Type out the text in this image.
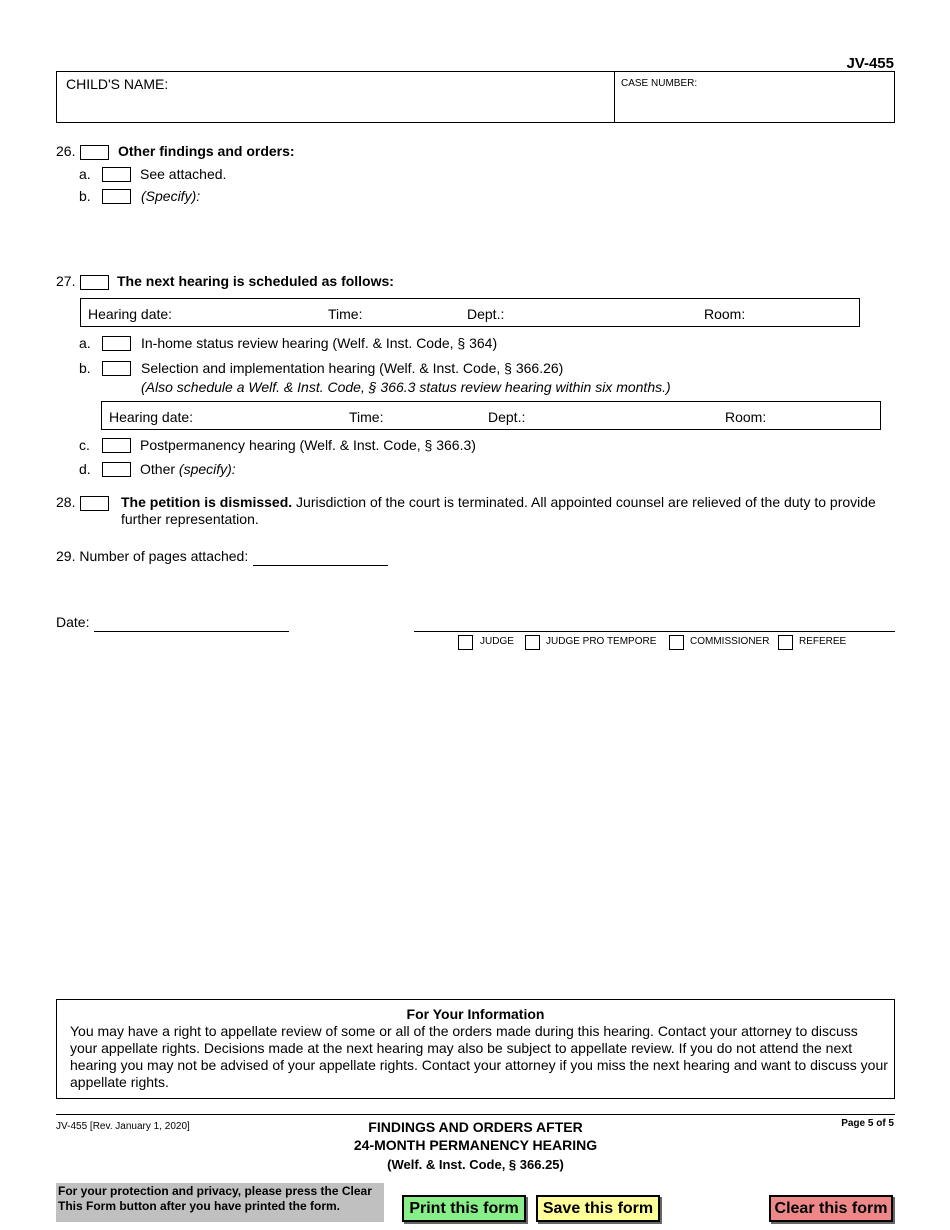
JV-455
CHILD'S NAME:	CASE NUMBER:
26.	Other findings and orders:
a.	See attached.
b.	(Specify):
27.	The next hearing is scheduled as follows:
Hearing date:	Time:	Dept.:	Room:
a.	In-home status review hearing (Welf. & Inst. Code, § 364)
b.	Selection and implementation hearing (Welf. & Inst. Code, § 366.26)
(Also schedule a Welf. & Inst. Code, § 366.3 status review hearing within six months.)
Hearing date:	Time:	Dept.:	Room:
c.	Postpermanency hearing (Welf. & Inst. Code, § 366.3)
d.	Other (specify):
28.	The petition is dismissed. Jurisdiction of the court is terminated. All appointed counsel are relieved of the duty to provide further representation.
29. Number of pages attached:
Date:
JUDGE	JUDGE PRO TEMPORE	COMMISSIONER	REFEREE
For Your Information
You may have a right to appellate review of some or all of the orders made during this hearing. Contact your attorney to discuss your appellate rights. Decisions made at the next hearing may also be subject to appellate review. If you do not attend the next hearing you may not be advised of your appellate rights. Contact your attorney if you miss the next hearing and want to discuss your appellate rights.
JV-455 [Rev. January 1, 2020]	FINDINGS AND ORDERS AFTER
24-MONTH PERMANENCY HEARING
(Welf. & Inst. Code, § 366.25)
Page 5 of 5
For your protection and privacy, please press the Clear This Form button after you have printed the form.	Print this form	Save this form	Clear this form
